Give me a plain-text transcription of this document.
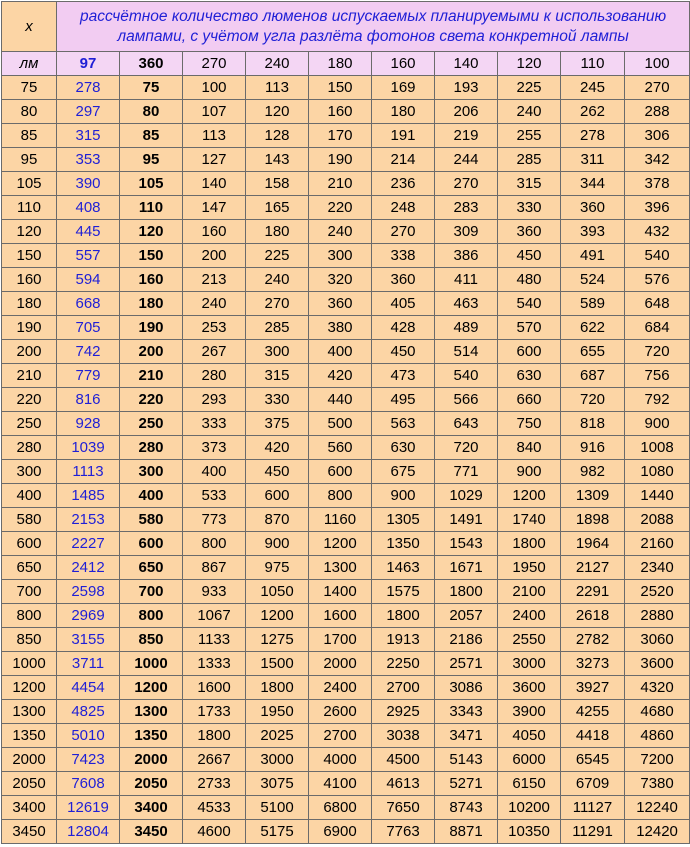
x	рассчётное количество люменов испускаемых планируемыми к использованию лампами, с учётом угла разлёта фотонов света конкретной лампы									
лм	97	360	270	240	180	160	140	120	110	100
75	278	75	100	113	150	169	193	225	245	270
80	297	80	107	120	160	180	206	240	262	288
85	315	85	113	128	170	191	219	255	278	306
95	353	95	127	143	190	214	244	285	311	342
105	390	105	140	158	210	236	270	315	344	378
110	408	110	147	165	220	248	283	330	360	396
120	445	120	160	180	240	270	309	360	393	432
150	557	150	200	225	300	338	386	450	491	540
160	594	160	213	240	320	360	411	480	524	576
180	668	180	240	270	360	405	463	540	589	648
190	705	190	253	285	380	428	489	570	622	684
200	742	200	267	300	400	450	514	600	655	720
210	779	210	280	315	420	473	540	630	687	756
220	816	220	293	330	440	495	566	660	720	792
250	928	250	333	375	500	563	643	750	818	900
280	1039	280	373	420	560	630	720	840	916	1008
300	1113	300	400	450	600	675	771	900	982	1080
400	1485	400	533	600	800	900	1029	1200	1309	1440
580	2153	580	773	870	1160	1305	1491	1740	1898	2088
600	2227	600	800	900	1200	1350	1543	1800	1964	2160
650	2412	650	867	975	1300	1463	1671	1950	2127	2340
700	2598	700	933	1050	1400	1575	1800	2100	2291	2520
800	2969	800	1067	1200	1600	1800	2057	2400	2618	2880
850	3155	850	1133	1275	1700	1913	2186	2550	2782	3060
1000	3711	1000	1333	1500	2000	2250	2571	3000	3273	3600
1200	4454	1200	1600	1800	2400	2700	3086	3600	3927	4320
1300	4825	1300	1733	1950	2600	2925	3343	3900	4255	4680
1350	5010	1350	1800	2025	2700	3038	3471	4050	4418	4860
2000	7423	2000	2667	3000	4000	4500	5143	6000	6545	7200
2050	7608	2050	2733	3075	4100	4613	5271	6150	6709	7380
3400	12619	3400	4533	5100	6800	7650	8743	10200	11127	12240
3450	12804	3450	4600	5175	6900	7763	8871	10350	11291	12420
